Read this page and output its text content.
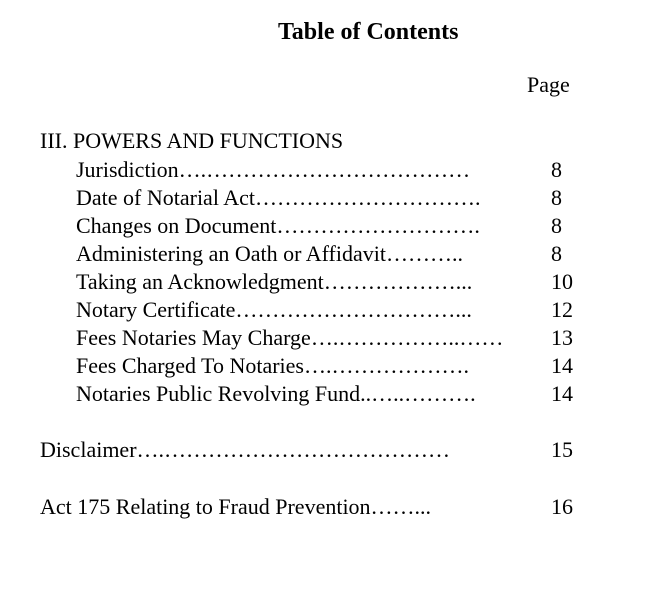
Table of Contents
Page
III. POWERS AND FUNCTIONS
Jurisdiction….………………………………	8
Date of Notarial Act………………………….	8
Changes on Document……………………….	8
Administering an Oath or Affidavit………..	8
Taking an Acknowledgment………………...	10
Notary Certificate…………………………...	12
Fees Notaries May Charge….……………..…… 13
Fees Charged To Notaries….……………….	14
Notaries Public Revolving Fund..…..……….	14
Disclaimer….…………………………………	15
Act 175 Relating to Fraud Prevention……...	16
